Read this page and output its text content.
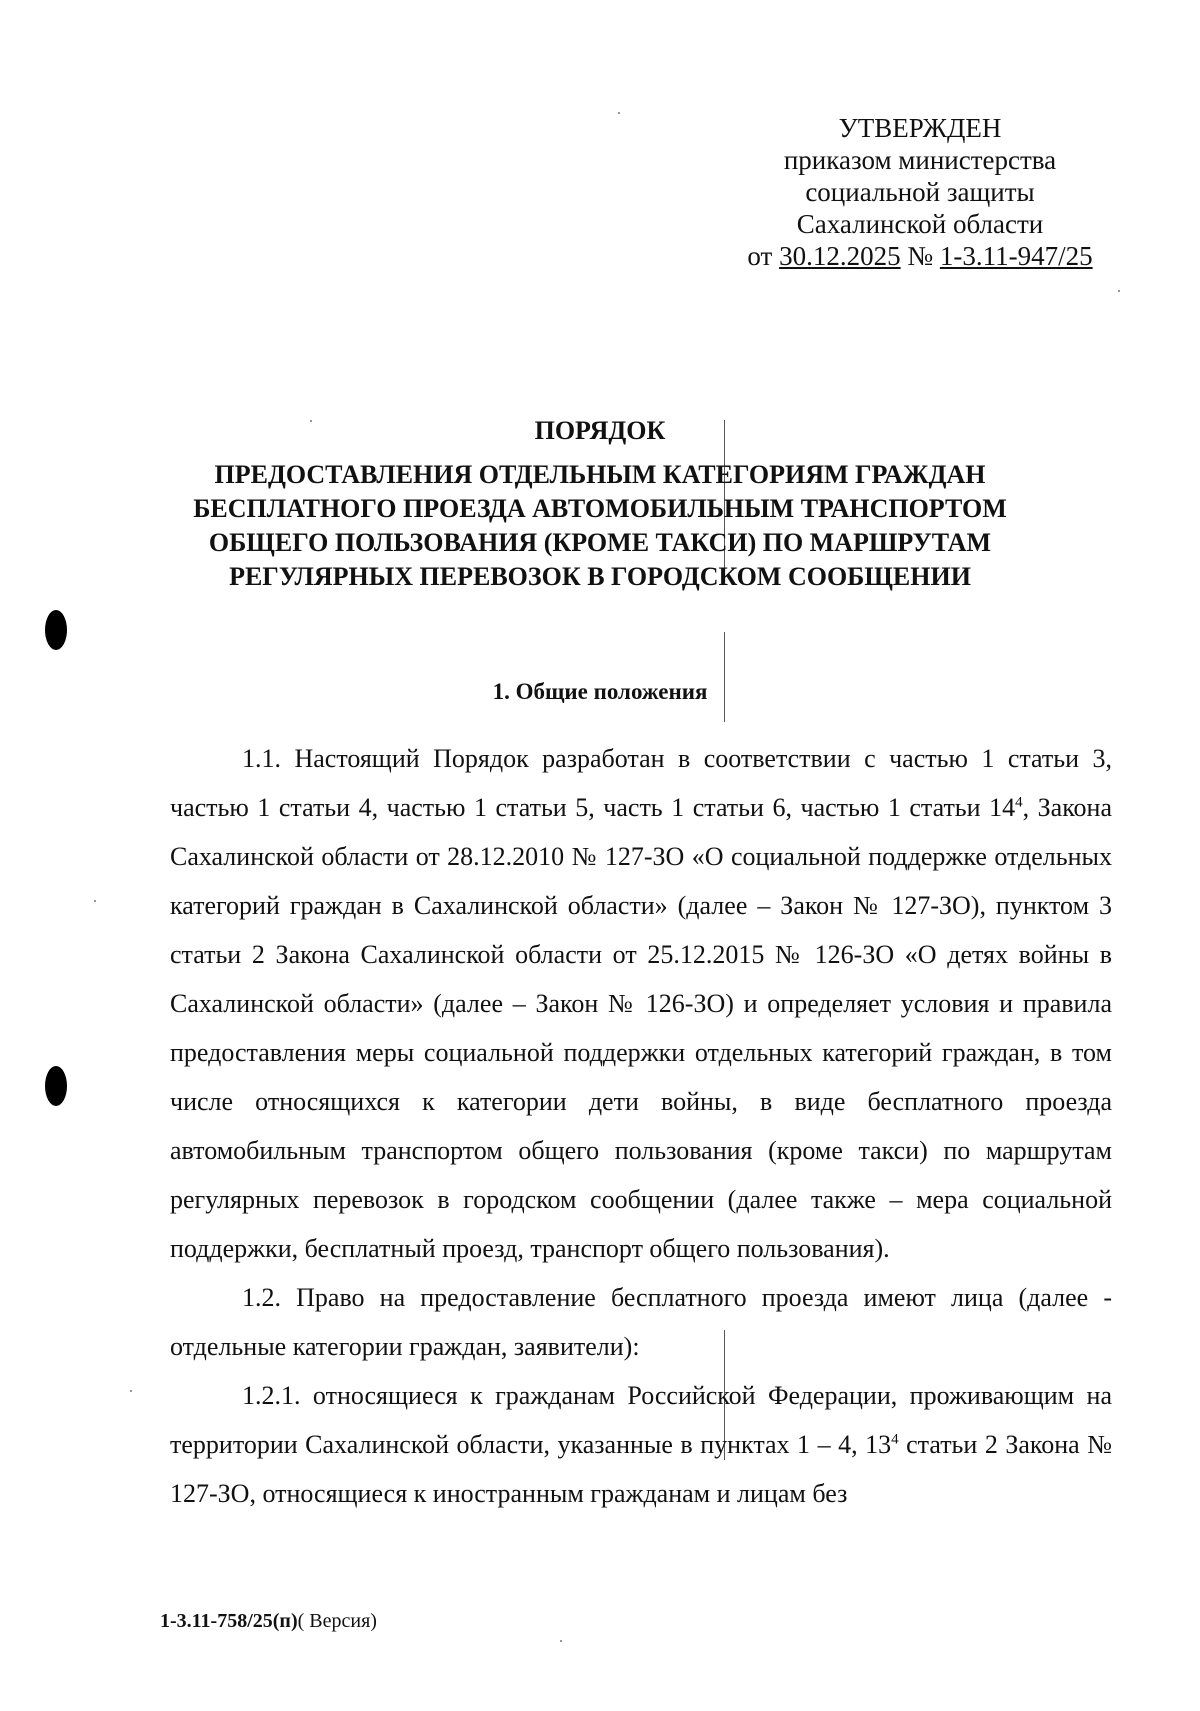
УТВЕРЖДЕН
приказом министерства
социальной защиты
Сахалинской области
от 30.12.2025 № 1-3.11-947/25
ПОРЯДОК
ПРЕДОСТАВЛЕНИЯ ОТДЕЛЬНЫМ КАТЕГОРИЯМ ГРАЖДАН
БЕСПЛАТНОГО ПРОЕЗДА АВТОМОБИЛЬНЫМ ТРАНСПОРТОМ
ОБЩЕГО ПОЛЬЗОВАНИЯ (КРОМЕ ТАКСИ) ПО МАРШРУТАМ
РЕГУЛЯРНЫХ ПЕРЕВОЗОК В ГОРОДСКОМ СООБЩЕНИИ
1. Общие положения

1.1. Настоящий Порядок разработан в соответствии с частью 1 статьи 3, частью 1 статьи 4, частью 1 статьи 5, часть 1 статьи 6, частью 1 статьи $14^4$, Закона Сахалинской области от 28.12.2010 № 127-ЗО «О социальной поддержке отдельных категорий граждан в Сахалинской области» (далее – Закон № 127-ЗО), пунктом 3 статьи 2 Закона Сахалинской области от 25.12.2015 № 126-ЗО «О детях войны в Сахалинской области» (далее – Закон № 126-ЗО) и определяет условия и правила предоставления меры социальной поддержки отдельных категорий граждан, в том числе относящихся к категории дети войны, в виде бесплатного проезда автомобильным транспортом общего пользования (кроме такси) по маршрутам регулярных перевозок в городском сообщении (далее также – мера социальной поддержки, бесплатный проезд, транспорт общего пользования).

1.2. Право на предоставление бесплатного проезда имеют лица (далее - отдельные категории граждан, заявители):

1.2.1. относящиеся к гражданам Российской Федерации, проживающим на территории Сахалинской области, указанные в пунктах 1 – 4, $13^4$ статьи 2 Закона № 127-ЗО, относящиеся к иностранным гражданам и лицам без

1-3.11-758/25(п)( Версия)
